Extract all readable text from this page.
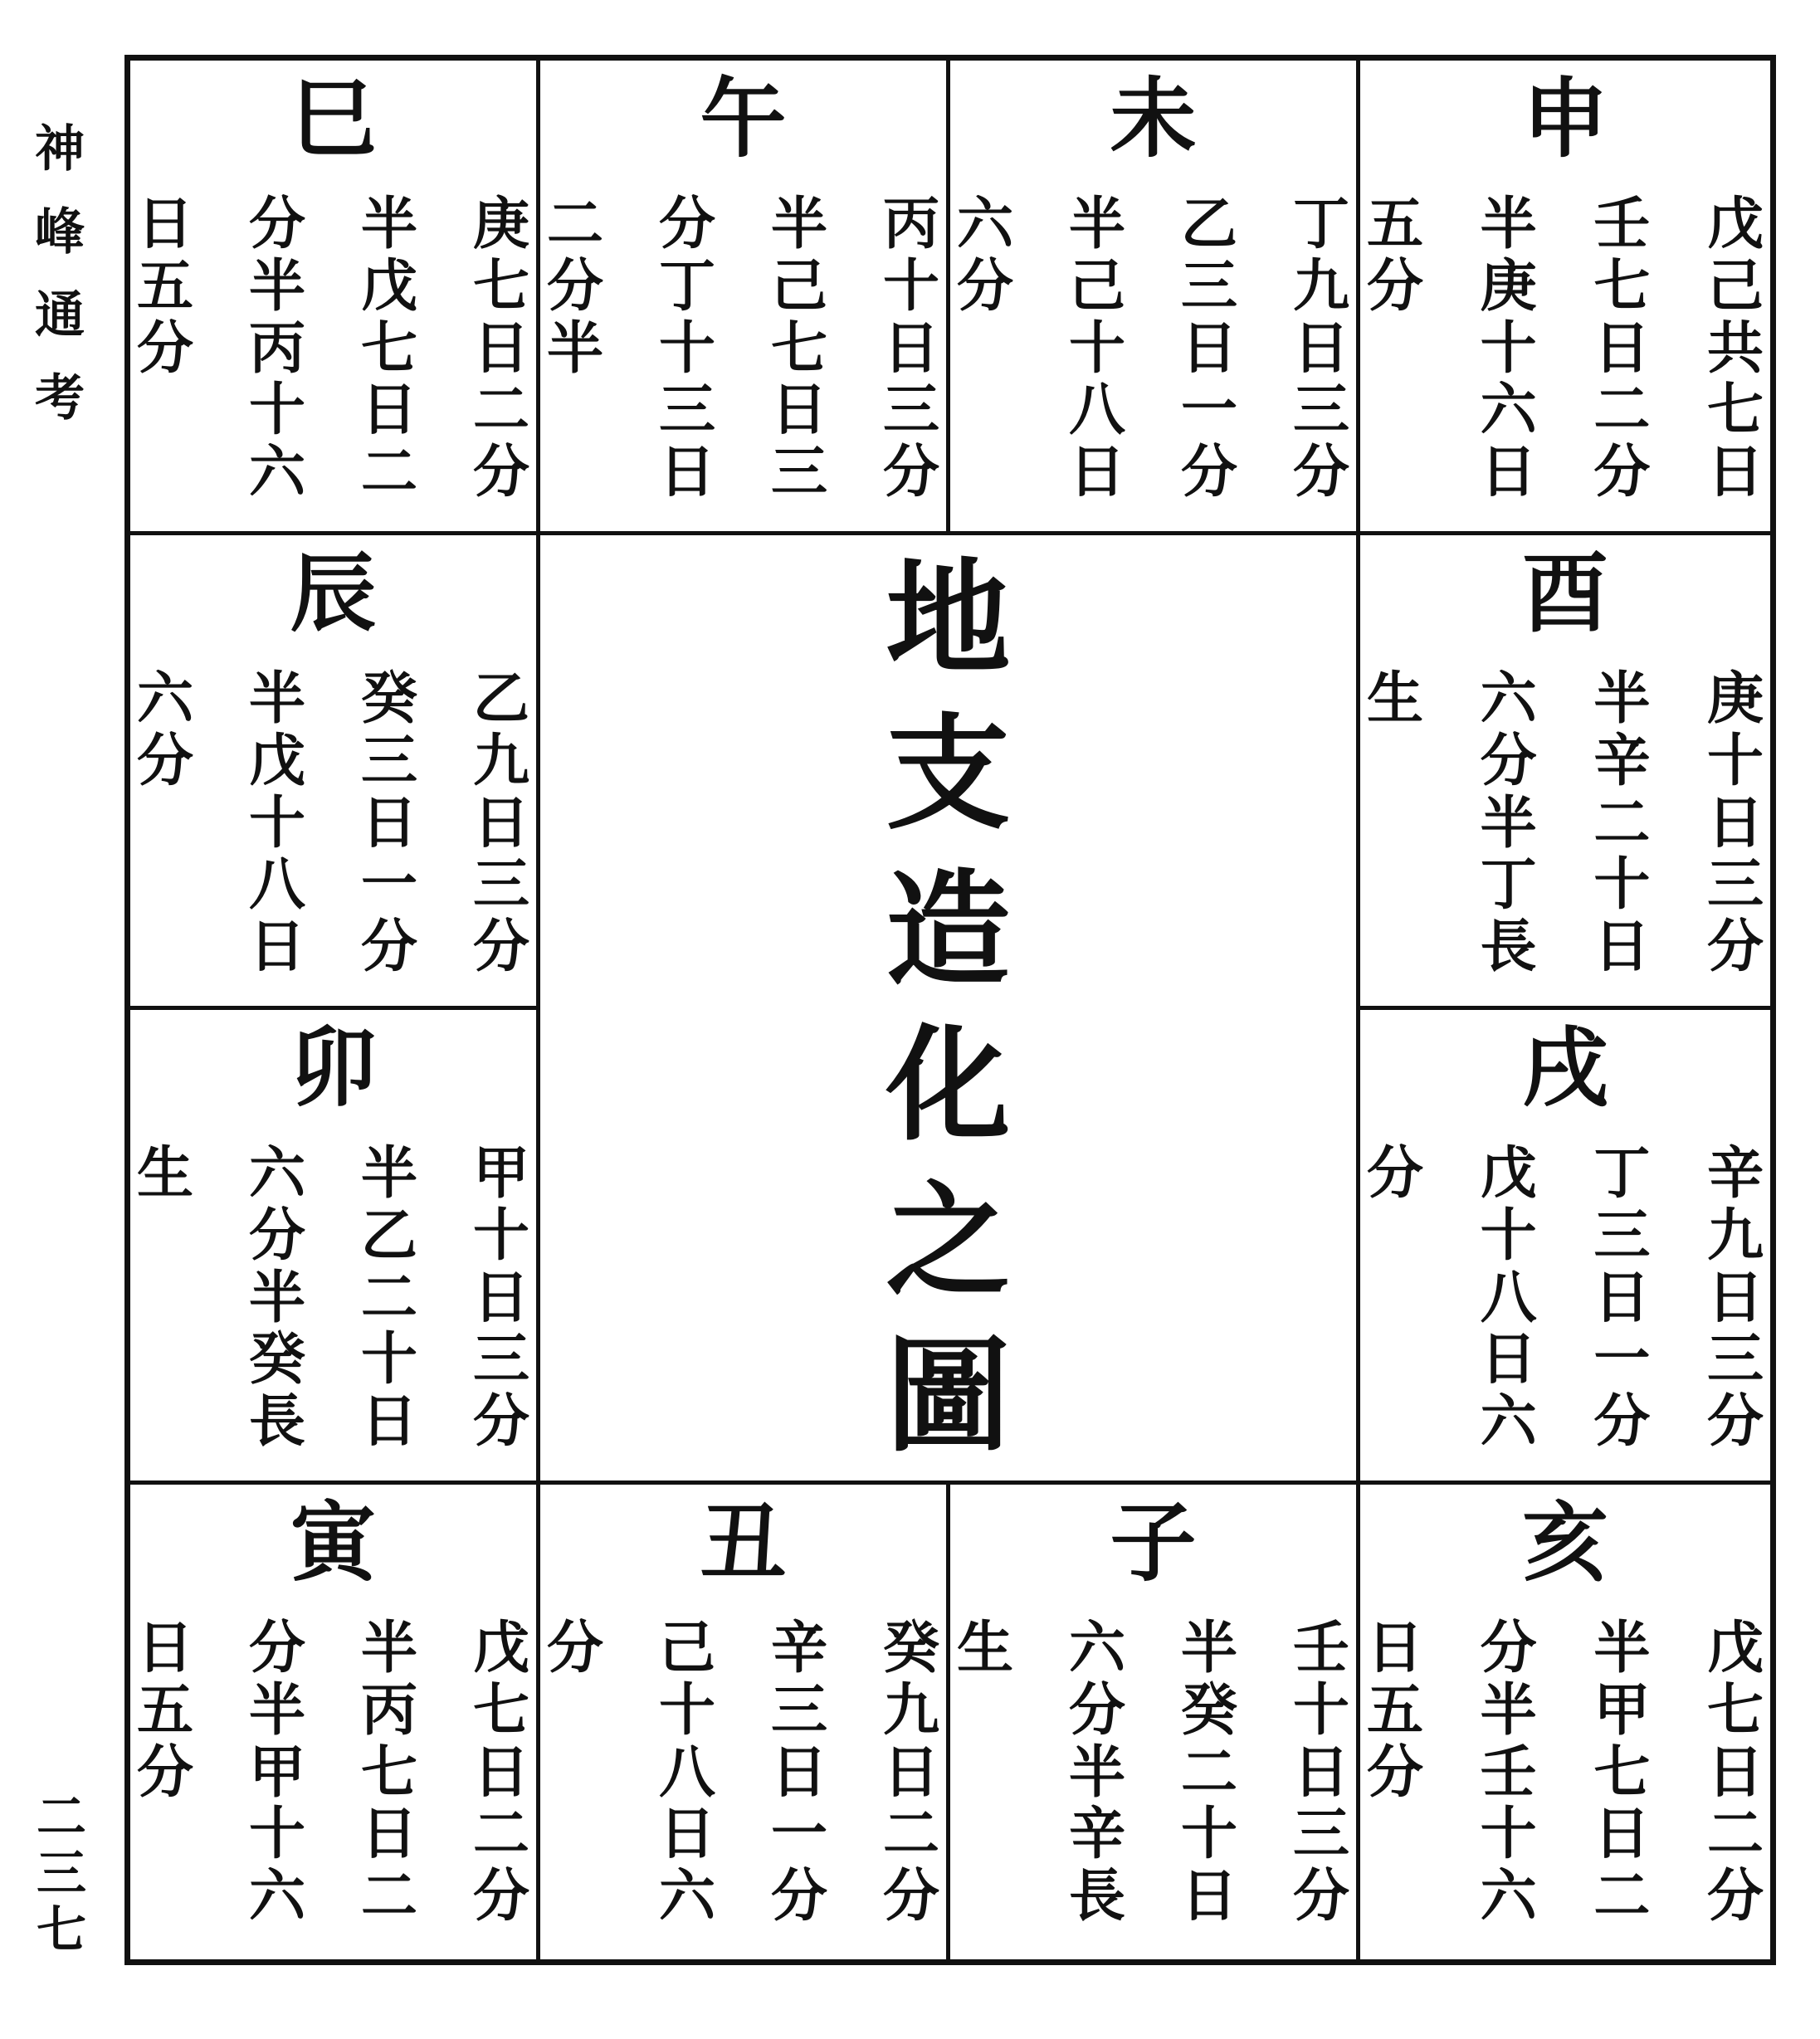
神
峰
通
考
二
三
七
巳
庚
七
日
二
分
半
戊
七
日
二
分
半
丙
十
六
日
五
分
午
丙
十
日
三
分
半
己
七
日
三
分
丁
十
三
日
二
分
半
未
丁
九
日
三
分
乙
三
日
一
分
半
己
十
八
日
六
分
申
戊
己
共
七
日
壬
七
日
二
分
半
庚
十
六
日
五
分
辰
乙
九
日
三
分
癸
三
日
一
分
半
戊
十
八
日
六
分
地
支
造
化
之
圖
酉
庚
十
日
三
分
半
辛
二
十
日
六
分
半
丁
長
生
卯
甲
十
日
三
分
半
乙
二
十
日
六
分
半
癸
長
生
戌
辛
九
日
三
分
丁
三
日
一
分
戊
十
八
日
六
分
寅
戊
七
日
二
分
半
丙
七
日
二
分
半
甲
十
六
日
五
分
丑
癸
九
日
二
分
辛
三
日
一
分
己
十
八
日
六
分
子
壬
十
日
三
分
半
癸
二
十
日
六
分
半
辛
長
生
亥
戊
七
日
二
分
半
甲
七
日
二
分
半
壬
十
六
日
五
分
